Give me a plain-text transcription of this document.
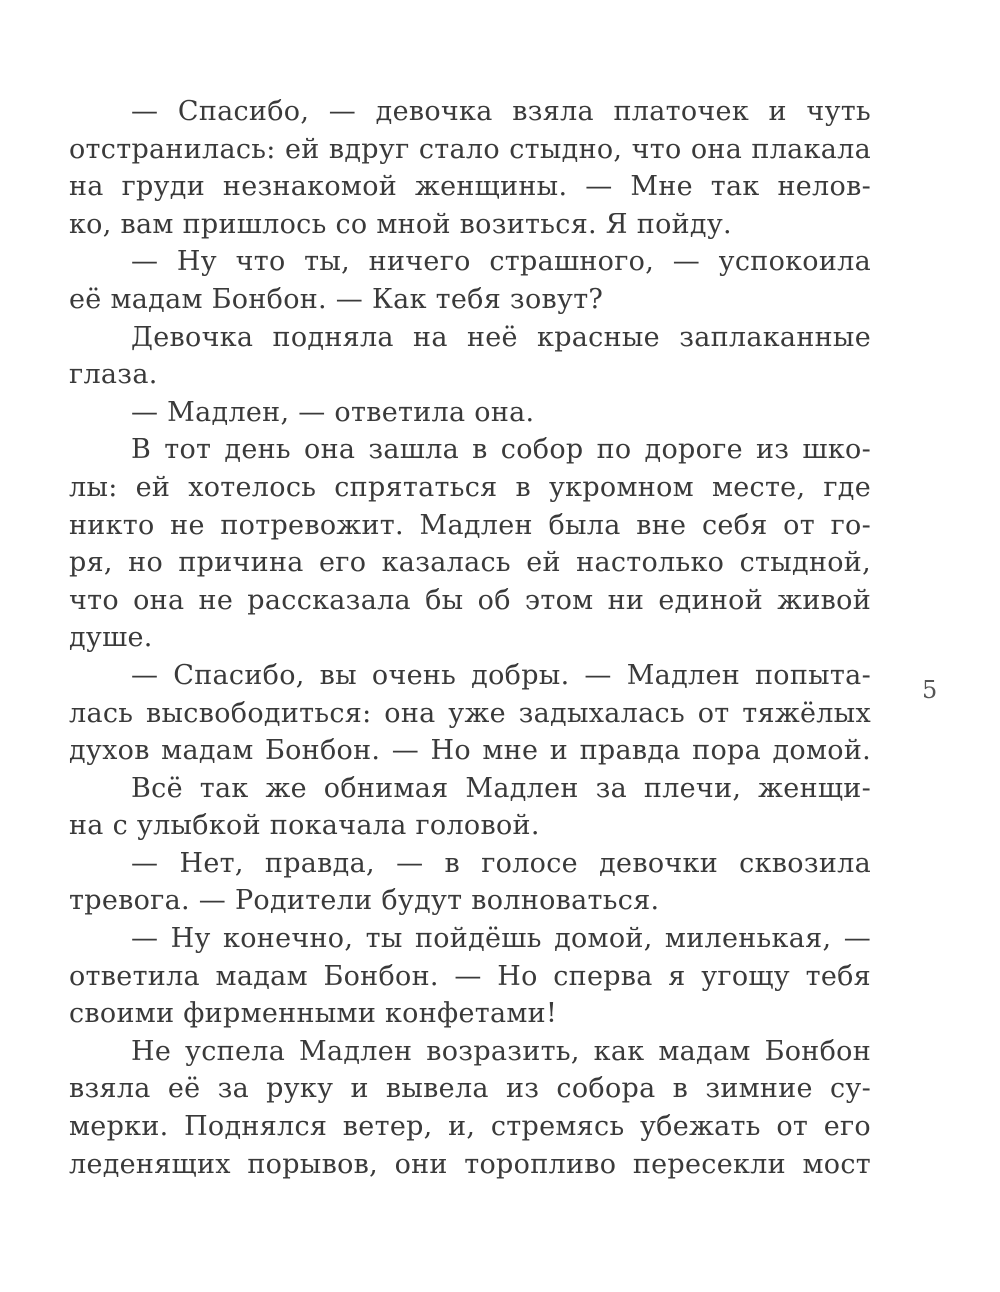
— Спасибо, — девочка взяла платочек и чуть
отстранилась: ей вдруг стало стыдно, что она плакала
на груди незнакомой женщины. — Мне так нелов-
ко, вам пришлось со мной возиться. Я пойду.
— Ну что ты, ничего страшного, — успокоила
её мадам Бонбон. — Как тебя зовут?
Девочка подняла на неё красные заплаканные
глаза.
— Мадлен, — ответила она.
В тот день она зашла в собор по дороге из шко-
лы: ей хотелось спрятаться в укромном месте, где
никто не потревожит. Мадлен была вне себя от го-
ря, но причина его казалась ей настолько стыдной,
что она не рассказала бы об этом ни единой живой
душе.
— Спасибо, вы очень добры. — Мадлен попыта-
лась высвободиться: она уже задыхалась от тяжёлых
духов мадам Бонбон. — Но мне и правда пора домой.
Всё так же обнимая Мадлен за плечи, женщи-
на с улыбкой покачала головой.
— Нет, правда, — в голосе девочки сквозила
тревога. — Родители будут волноваться.
— Ну конечно, ты пойдёшь домой, миленькая, —
ответила мадам Бонбон. — Но сперва я угощу тебя
своими фирменными конфетами!
Не успела Мадлен возразить, как мадам Бонбон
взяла её за руку и вывела из собора в зимние су-
мерки. Поднялся ветер, и, стремясь убежать от его
леденящих порывов, они торопливо пересекли мост
5
